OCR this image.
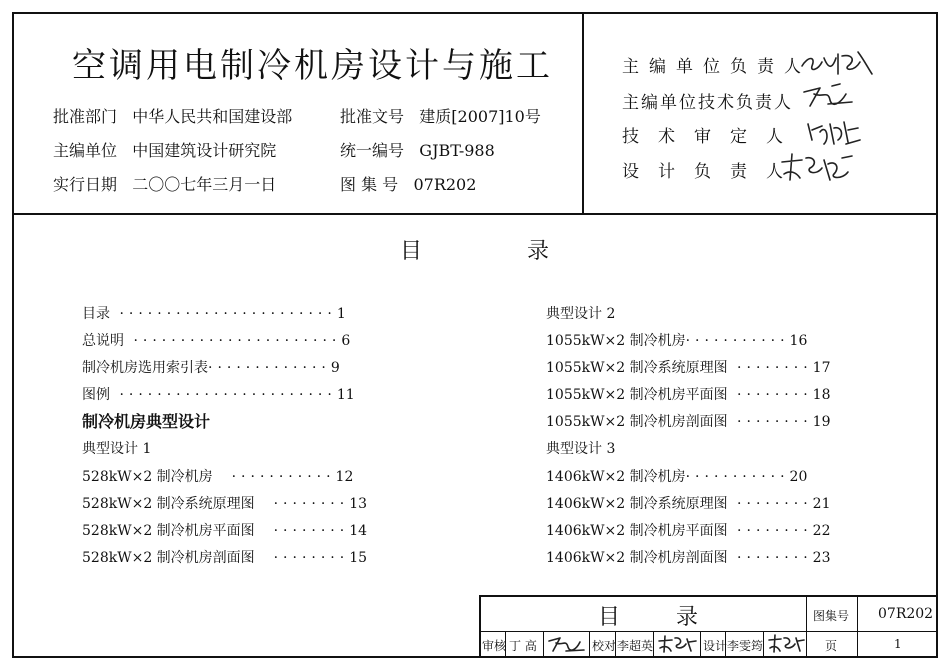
空调用电制冷机房设计与施工
批准部门 中华人民共和国建设部	批准文号 建质[2007]10号
主编单位 中国建筑设计研究院	统一编号 GJBT-988
实行日期 二〇〇七年三月一日	图 集 号 07R202
主编单位负责人
主编单位技术负责人
技术审定人
设计负责人
目	录
目录 ······················· 1
总说明 ······················ 6
制冷机房选用索引表 ············· 9
图例 ······················· 11
制冷机房典型设计
典型设计 1
528kW×2 制冷机房 ··········· 12
528kW×2 制冷系统原理图 ········ 13
528kW×2 制冷机房平面图 ········ 14
528kW×2 制冷机房剖面图 ········ 15
典型设计 2
1055kW×2 制冷机房 ··········· 16
1055kW×2 制冷系统原理图 ········ 17
1055kW×2 制冷机房平面图 ········ 18
1055kW×2 制冷机房剖面图 ········ 19
典型设计 3
1406kW×2 制冷机房 ··········· 20
1406kW×2 制冷系统原理图 ········ 21
1406kW×2 制冷机房平面图 ········ 22
1406kW×2 制冷机房剖面图 ········ 23
目	录	图集号 07R202
审核 丁 高	校对 李超英	设计 李雯筠	页	1
